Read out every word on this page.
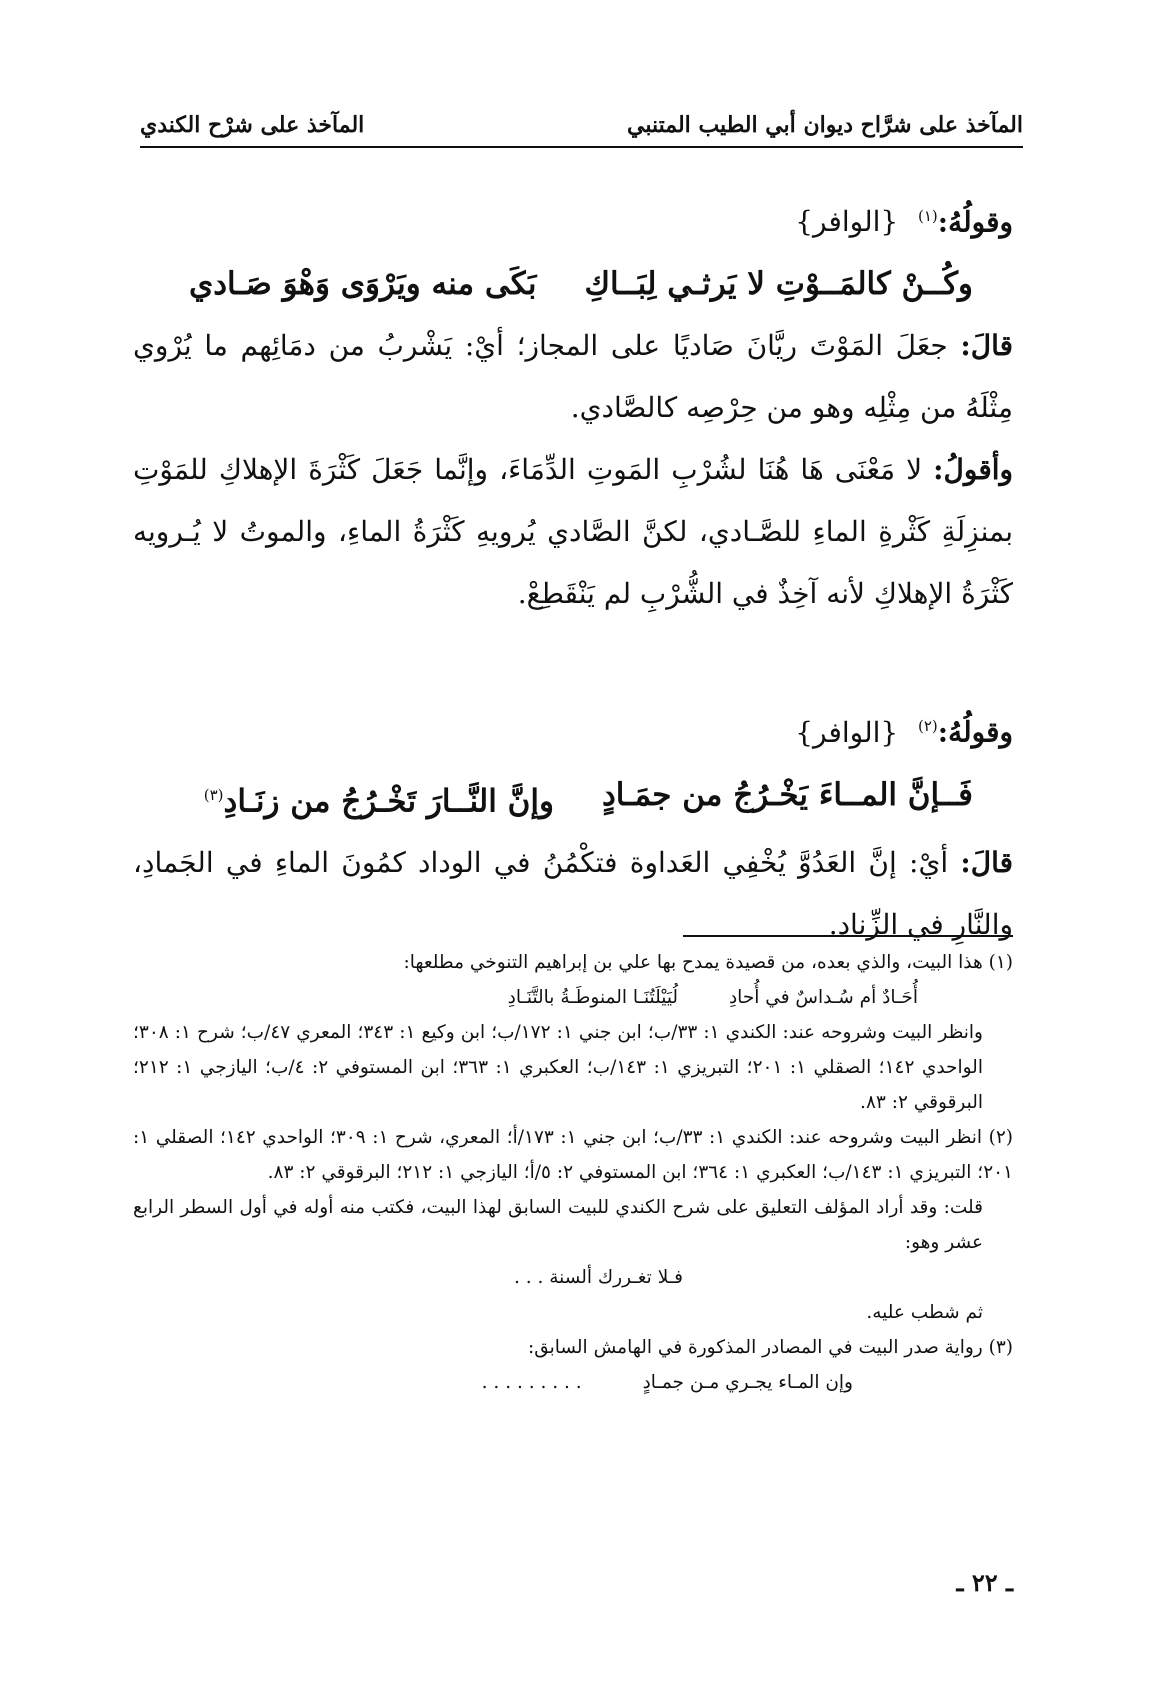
المآخذ على شرَّاح ديوان أبي الطيب المتنبي
المآخذ على شرْح الكندي
وقولُهُ:$^{(١)}$ {الوافر}
وكُــنْ كالمَــوْتِ لا يَرثـي لِبَــاكِ
بَكَى منه ويَرْوَى وَهْوَ صَـادي
قالَ: جعَلَ المَوْتَ ريَّانَ صَاديًا على المجاز؛ أيْ: يَشْربُ من دمَائِهم ما يُرْوي مِثْلَهُ من مِثْلِه وهو من حِرْصِه كالصَّادي.
وأقولُ: لا مَعْنَى هَا هُنَا لشُرْبِ المَوتِ الدِّمَاءَ، وإنَّما جَعَلَ كَثْرَةَ الإهلاكِ للمَوْتِ بمنزِلَةِ كَثْرةِ الماءِ للصَّـادي، لكنَّ الصَّادي يُرويهِ كَثْرَةُ الماءِ، والموتُ لا يُـرويه كَثْرَةُ الإهلاكِ لأنه آخِذٌ في الشُّرْبِ لم يَنْقَطِعْ.
وقولُهُ:$^{(٢)}$ {الوافر}
فَــإنَّ المــاءَ يَخْـرُجُ من جمَـادٍ
وإنَّ النَّــارَ تَخْـرُجُ من زنَـادِ$^{(٣)}$
قالَ: أيْ: إنَّ العَدُوَّ يُخْفِي العَداوة فتكْمُنُ في الوداد كمُونَ الماءِ في الجَمادِ، والنَّارِ في الزِّناد.
(١) هذا البيت، والذي بعده، من قصيدة يمدح بها علي بن إبراهيم التنوخي مطلعها:
أُحَـادٌ أم سُـداسٌ في أُحادِ لُيَيْلَتُنَـا المنوطَـةُ بالتَّنَـادِ
وانظر البيت وشروحه عند: الكندي ١: ٣٣/ب؛ ابن جني ١: ١٧٢/ب؛ ابن وكيع ١: ٣٤٣؛ المعري ٤٧/ب؛ شرح ١: ٣٠٨؛ الواحدي ١٤٢؛ الصقلي ١: ٢٠١؛ التبريزي ١: ١٤٣/ب؛ العكبري ١: ٣٦٣؛ ابن المستوفي ٢: ٤/ب؛ اليازجي ١: ٢١٢؛ البرقوقي ٢: ٨٣.
(٢) انظر البيت وشروحه عند: الكندي ١: ٣٣/ب؛ ابن جني ١: ١٧٣/أ؛ المعري، شرح ١: ٣٠٩؛ الواحدي ١٤٢؛ الصقلي ١: ٢٠١؛ التبريزي ١: ١٤٣/ب؛ العكبري ١: ٣٦٤؛ ابن المستوفي ٢: ٥/أ؛ اليازجي ١: ٢١٢؛ البرقوقي ٢: ٨٣.
قلت: وقد أراد المؤلف التعليق على شرح الكندي للبيت السابق لهذا البيت، فكتب منه أوله في أول السطر الرابع عشر وهو:
فـلا تغـررك ألسنة . . .
ثم شطب عليه.
(٣) رواية صدر البيت في المصادر المذكورة في الهامش السابق:
وإن المـاء يجـري مـن جمـادٍ . . . . . . . . .
ـ ٢٢ ـ
